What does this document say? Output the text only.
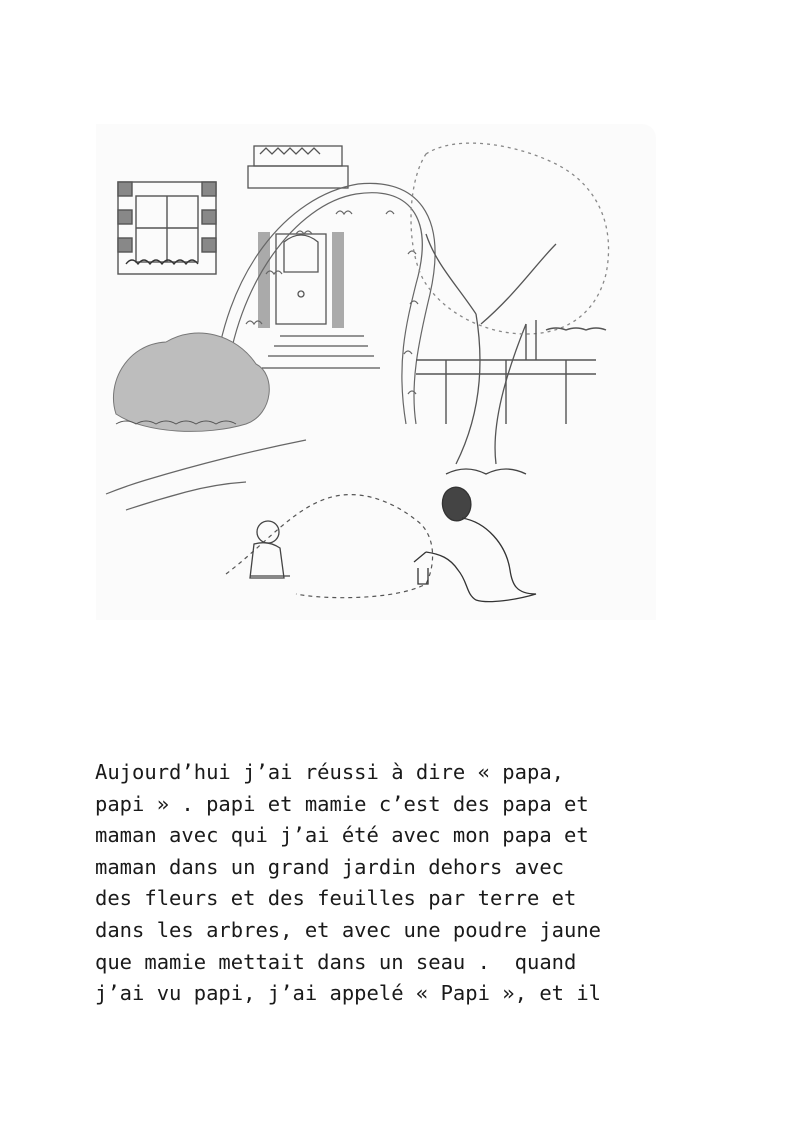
Aujourd’hui j’ai réussi à dire « papa,
papi » . papi et mamie c’est des papa et
maman avec qui j’ai été avec mon papa et
maman dans un grand jardin dehors avec
des fleurs et des feuilles par terre et
dans les arbres, et avec une poudre jaune
que mamie mettait dans un seau .  quand
j’ai vu papi, j’ai appelé « Papi », et il
